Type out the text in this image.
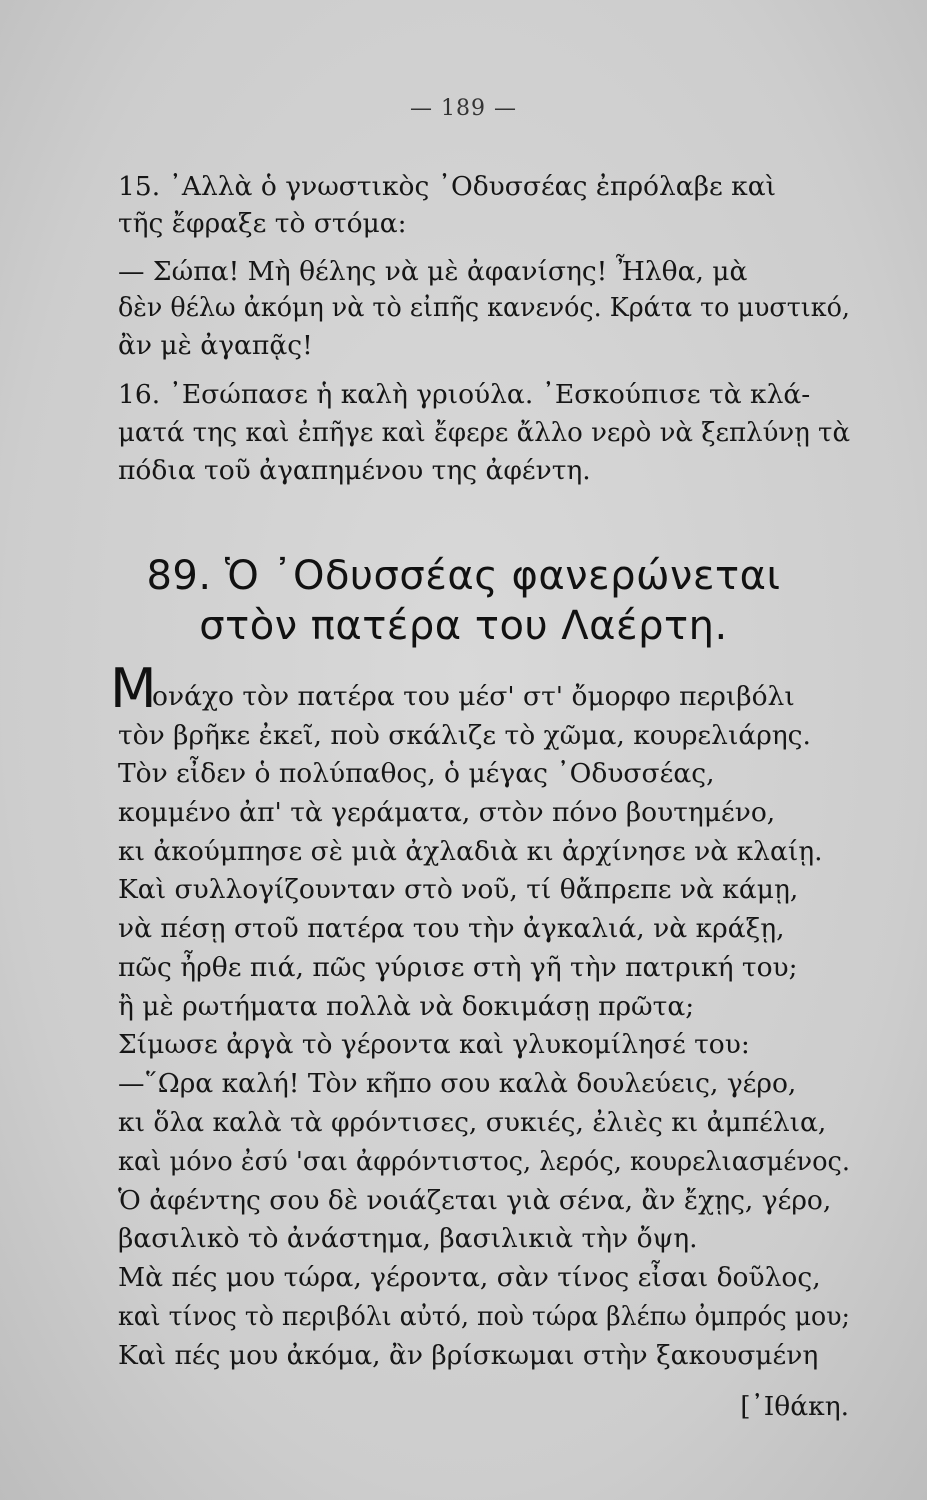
— 189 —
15. ᾿Αλλὰ ὁ γνωστικὸς ᾿Οδυσσέας ἐπρόλαβε καὶ
τῆς ἔφραξε τὸ στόμα:
— Σώπα! Μὴ θέλης νὰ μὲ ἀφανίσης! Ἦλθα, μὰ
δὲν θέλω ἀκόμη νὰ τὸ εἰπῆς κανενός. Κράτα το μυστικό,
ἂν μὲ ἀγαπᾷς!
16. ᾿Εσώπασε ἡ καλὴ γριούλα. ᾿Εσκούπισε τὰ κλά-
ματά της καὶ ἐπῆγε καὶ ἔφερε ἄλλο νερὸ νὰ ξεπλύνῃ τὰ
πόδια τοῦ ἀγαπημένου της ἀφέντη.
89. Ὁ ᾿Οδυσσέας φανερώνεται
στὸν πατέρα του Λαέρτη.
Μ
ονάχο τὸν πατέρα του μέσ' στ' ὄμορφο περιβόλι
τὸν βρῆκε ἐκεῖ, ποὺ σκάλιζε τὸ χῶμα, κουρελιάρης.
Τὸν εἶδεν ὁ πολύπαθος, ὁ μέγας ᾿Οδυσσέας,
κομμένο ἀπ' τὰ γεράματα, στὸν πόνο βουτημένο,
κι ἀκούμπησε σὲ μιὰ ἀχλαδιὰ κι ἀρχίνησε νὰ κλαίῃ.
Καὶ συλλογίζουνταν στὸ νοῦ, τί θἄπρεπε νὰ κάμῃ,
νὰ πέσῃ στοῦ πατέρα του τὴν ἀγκαλιά, νὰ κράξῃ,
πῶς ἦρθε πιά, πῶς γύρισε στὴ γῆ τὴν πατρική του;
ἢ μὲ ρωτήματα πολλὰ νὰ δοκιμάσῃ πρῶτα;
Σίμωσε ἀργὰ τὸ γέροντα καὶ γλυκομίλησέ του:
—῞Ωρα καλή! Τὸν κῆπο σου καλὰ δουλεύεις, γέρο,
κι ὅλα καλὰ τὰ φρόντισες, συκιές, ἐλιὲς κι ἀμπέλια,
καὶ μόνο ἐσύ 'σαι ἀφρόντιστος, λερός, κουρελιασμένος.
Ὁ ἀφέντης σου δὲ νοιάζεται γιὰ σένα, ἂν ἔχῃς, γέρο,
βασιλικὸ τὸ ἀνάστημα, βασιλικιὰ τὴν ὄψη.
Μὰ πές μου τώρα, γέροντα, σὰν τίνος εἶσαι δοῦλος,
καὶ τίνος τὸ περιβόλι αὐτό, ποὺ τώρα βλέπω ὀμπρός μου;
Καὶ πές μου ἀκόμα, ἂν βρίσκωμαι στὴν ξακουσμένη
[᾿Ιθάκη.
